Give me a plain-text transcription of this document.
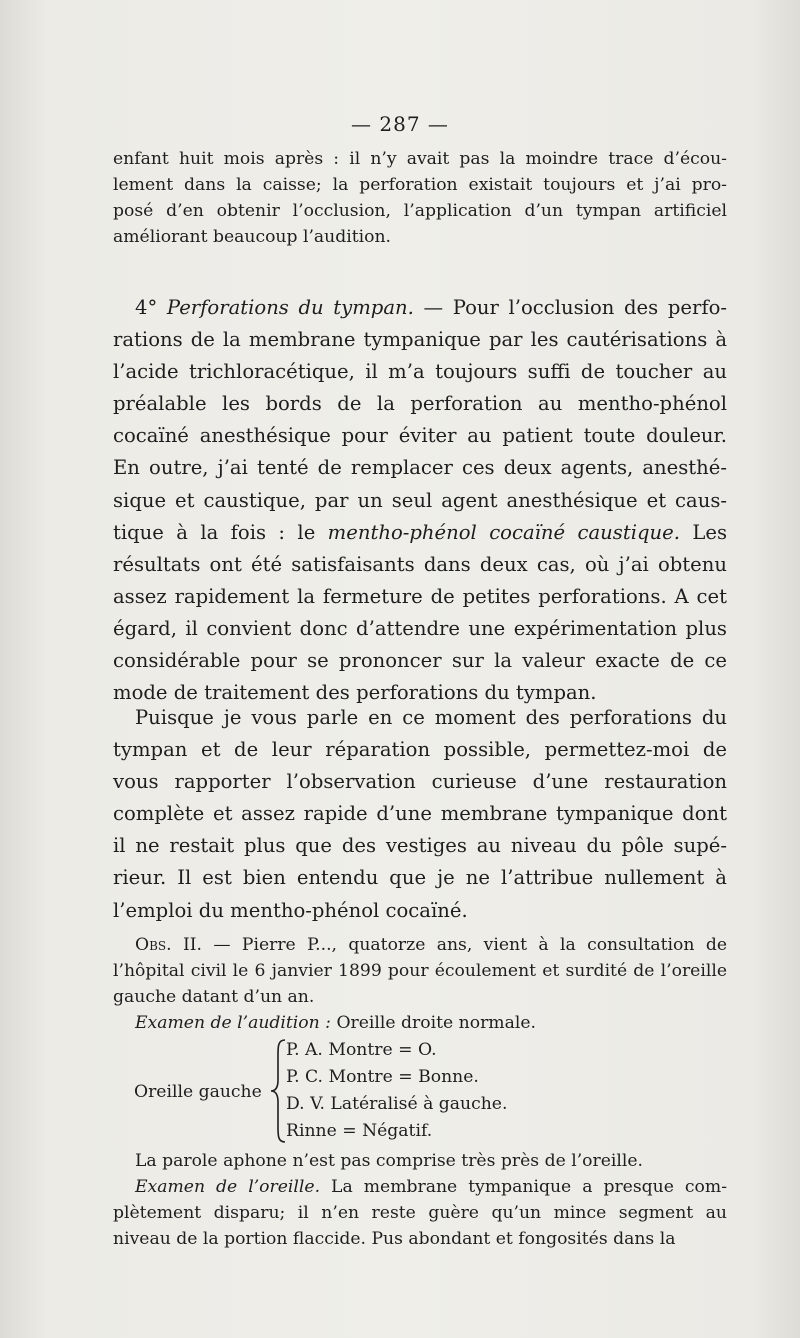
— 287 —

enfant huit mois après : il n’y avait pas la moindre trace d’écou-

lement dans la caisse; la perforation existait toujours et j’ai pro-

posé d’en obtenir l’occlusion, l’application d’un tympan artificiel

améliorant beaucoup l’audition.

4° Perforations du tympan. — Pour l’occlusion des perfo- rations de la membrane tympanique par les cautérisations à l’acide trichloracétique, il m’a toujours suffi de toucher au préalable les bords de la perforation au mentho-phénol cocaïné anesthésique pour éviter au patient toute douleur. En outre, j’ai tenté de remplacer ces deux agents, anesthé- sique et caustique, par un seul agent anesthésique et caus- tique à la fois : le mentho-phénol cocaïné caustique. Les résultats ont été satisfaisants dans deux cas, où j’ai obtenu assez rapidement la fermeture de petites perforations. A cet égard, il convient donc d’attendre une expérimentation plus considérable pour se prononcer sur la valeur exacte de ce mode de traitement des perforations du tympan.

Puisque je vous parle en ce moment des perforations du tympan et de leur réparation possible, permettez-moi de vous rapporter l’observation curieuse d’une restauration complète et assez rapide d’une membrane tympanique dont il ne restait plus que des vestiges au niveau du pôle supé- rieur. Il est bien entendu que je ne l’attribue nullement à l’emploi du mentho-phénol cocaïné.

Obs. II. — Pierre P..., quatorze ans, vient à la consultation de l’hôpital civil le 6 janvier 1899 pour écoulement et surdité de l’oreille gauche datant d’un an.

Examen de l’audition : Oreille droite normale.

Oreille gauche
P. A. Montre = O.
P. C. Montre = Bonne.
D. V. Latéralisé à gauche.
Rinne = Négatif.

La parole aphone n’est pas comprise très près de l’oreille.

Examen de l’oreille. La membrane tympanique a presque com- plètement disparu; il n’en reste guère qu’un mince segment au niveau de la portion flaccide. Pus abondant et fongosités dans la
